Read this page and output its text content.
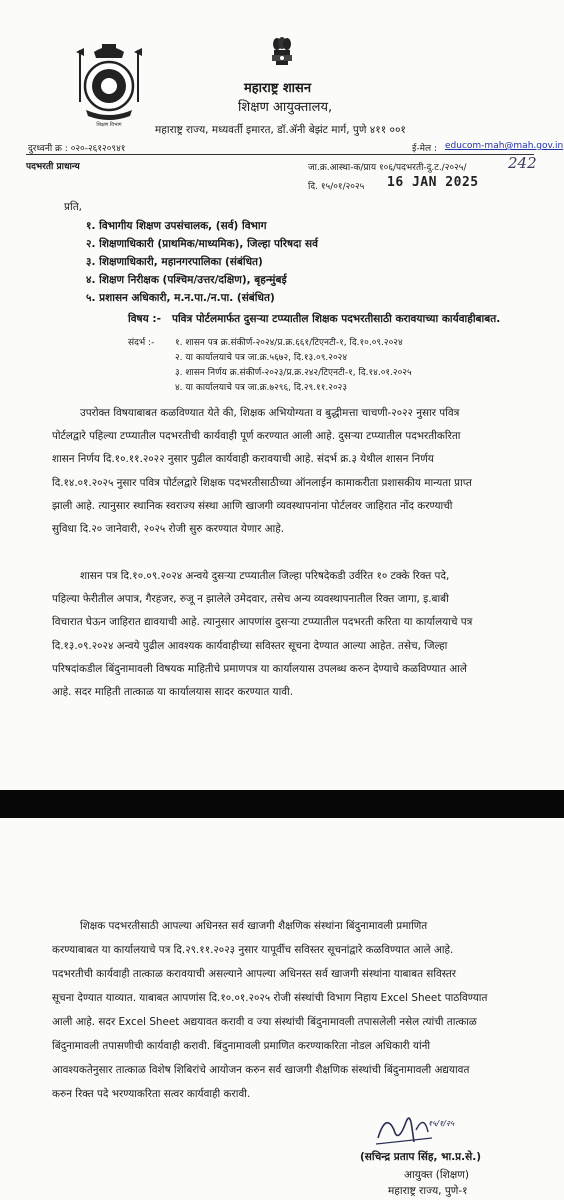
शिक्षण विभाग
महाराष्ट्र शासन
शिक्षण आयुक्तालय,
महाराष्ट्र राज्य, मध्यवर्ती इमारत, डॉ.ॲनी बेझंट मार्ग, पुणे ४११ ००१
दुरध्वनी क्र : ०२०-२६१२०९४१	ई-मेल : educom-mah@mah.gov.in
पदभरती प्राधान्य	जा.क्र.आस्था-क/प्राय १०६/पदभरती-दु.ट./२०२५/	242
दि. १५/०१/२०२५ 16 JAN 2025
प्रति,
१. विभागीय शिक्षण उपसंचालक, (सर्व) विभाग
२. शिक्षणाधिकारी (प्राथमिक/माध्यमिक), जिल्हा परिषदा सर्व
३. शिक्षणाधिकारी, महानगरपालिका (संबंधित)
४. शिक्षण निरीक्षक (पश्चिम/उत्तर/दक्षिण), बृहन्मुंबई
५. प्रशासन अधिकारी, म.न.पा./न.पा. (संबंधित)
विषय :- पवित्र पोर्टलमार्फत दुसऱ्या टप्प्यातील शिक्षक पदभरतीसाठी करावयाच्या कार्यवाहीबाबत.
संदर्भ :- १. शासन पत्र क्र.संकीर्ण-२०२४/प्र.क्र.६६१/टिएनटी-१, दि.१०.०९.२०२४
२. या कार्यालयाचे पत्र जा.क्र.५६७२, दि.१३.०९.२०२४
३. शासन निर्णय क्र.संकीर्ण-२०२३/प्र.क्र.२४२/टिएनटी-१, दि.१४.०१.२०२५
४. या कार्यालयाचे पत्र जा.क्र.७२९६, दि.२९.११.२०२३
उपरोक्त विषयाबाबत कळविण्यात येते की, शिक्षक अभियोग्यता व बुद्धीमत्ता चाचणी-२०२२ नुसार पवित्र
पोर्टलद्वारे पहिल्या टप्प्यातील पदभरतीची कार्यवाही पूर्ण करण्यात आली आहे. दुसऱ्या टप्प्यातील पदभरतीकरिता
शासन निर्णय दि.१०.११.२०२२ नुसार पुढील कार्यवाही करावयाची आहे. संदर्भ क्र.३ येथील शासन निर्णय
दि.१४.०१.२०२५ नुसार पवित्र पोर्टलद्वारे शिक्षक पदभरतीसाठीच्या ऑनलाईन कामाकरीता प्रशासकीय मान्यता प्राप्त
झाली आहे. त्यानुसार स्थानिक स्वराज्य संस्था आणि खाजगी व्यवस्थापनांना पोर्टलवर जाहिरात नोंद करण्याची
सुविधा दि.२० जानेवारी, २०२५ रोजी सुरु करण्यात येणार आहे.
शासन पत्र दि.१०.०९.२०२४ अन्वये दुसऱ्या टप्प्यातील जिल्हा परिषदेकडी उर्वरित १० टक्के रिक्त पदे,
पहिल्या फेरीतील अपात्र, गैरहजर, रुजू न झालेले उमेदवार, तसेच अन्य व्यवस्थापनातील रिक्त जागा, इ.बाबी
विचारात घेऊन जाहिरात द्यावयाची आहे. त्यानुसार आपणांस दुसऱ्या टप्प्यातील पदभरती करिता या कार्यालयाचे पत्र
दि.१३.०९.२०२४ अन्वये पुढील आवश्यक कार्यवाहीच्या सविस्तर सूचना देण्यात आल्या आहेत. तसेच, जिल्हा
परिषदांकडील बिंदुनामावली विषयक माहितीचे प्रमाणपत्र या कार्यालयास उपलब्ध करुन देण्याचे कळविण्यात आले
आहे. सदर माहिती तात्काळ या कार्यालयास सादर करण्यात यावी.
शिक्षक पदभरतीसाठी आपल्या अधिनस्त सर्व खाजगी शैक्षणिक संस्थांना बिंदुनामावली प्रमाणित
करण्याबाबत या कार्यालयाचे पत्र दि.२९.११.२०२३ नुसार यापूर्वीच सविस्तर सूचनांद्वारे कळविण्यात आले आहे.
पदभरतीची कार्यवाही तात्काळ करावयाची असल्याने आपल्या अधिनस्त सर्व खाजगी संस्थांना याबाबत सविस्तर
सूचना देण्यात याव्यात. याबाबत आपणांस दि.१०.०१.२०२५ रोजी संस्थांची विभाग निहाय Excel Sheet पाठविण्यात
आली आहे. सदर Excel Sheet अद्ययावत करावी व ज्या संस्थांची बिंदुनामावली तपासलेली नसेल त्यांची तात्काळ
बिंदुनामावली तपासणीची कार्यवाही करावी. बिंदुनामावली प्रमाणित करण्याकरिता नोडल अधिकारी यांनी
आवश्यकतेनुसार तात्काळ विशेष शिबिरांचे आयोजन करुन सर्व खाजगी शैक्षणिक संस्थांची बिंदुनामावली अद्ययावत
करुन रिक्त पदे भरण्याकरिता सत्वर कार्यवाही करावी.
१५/१/२५
(सचिन्द्र प्रताप सिंह, भा.प्र.से.)
आयुक्त (शिक्षण)
महाराष्ट्र राज्य, पुणे-१
